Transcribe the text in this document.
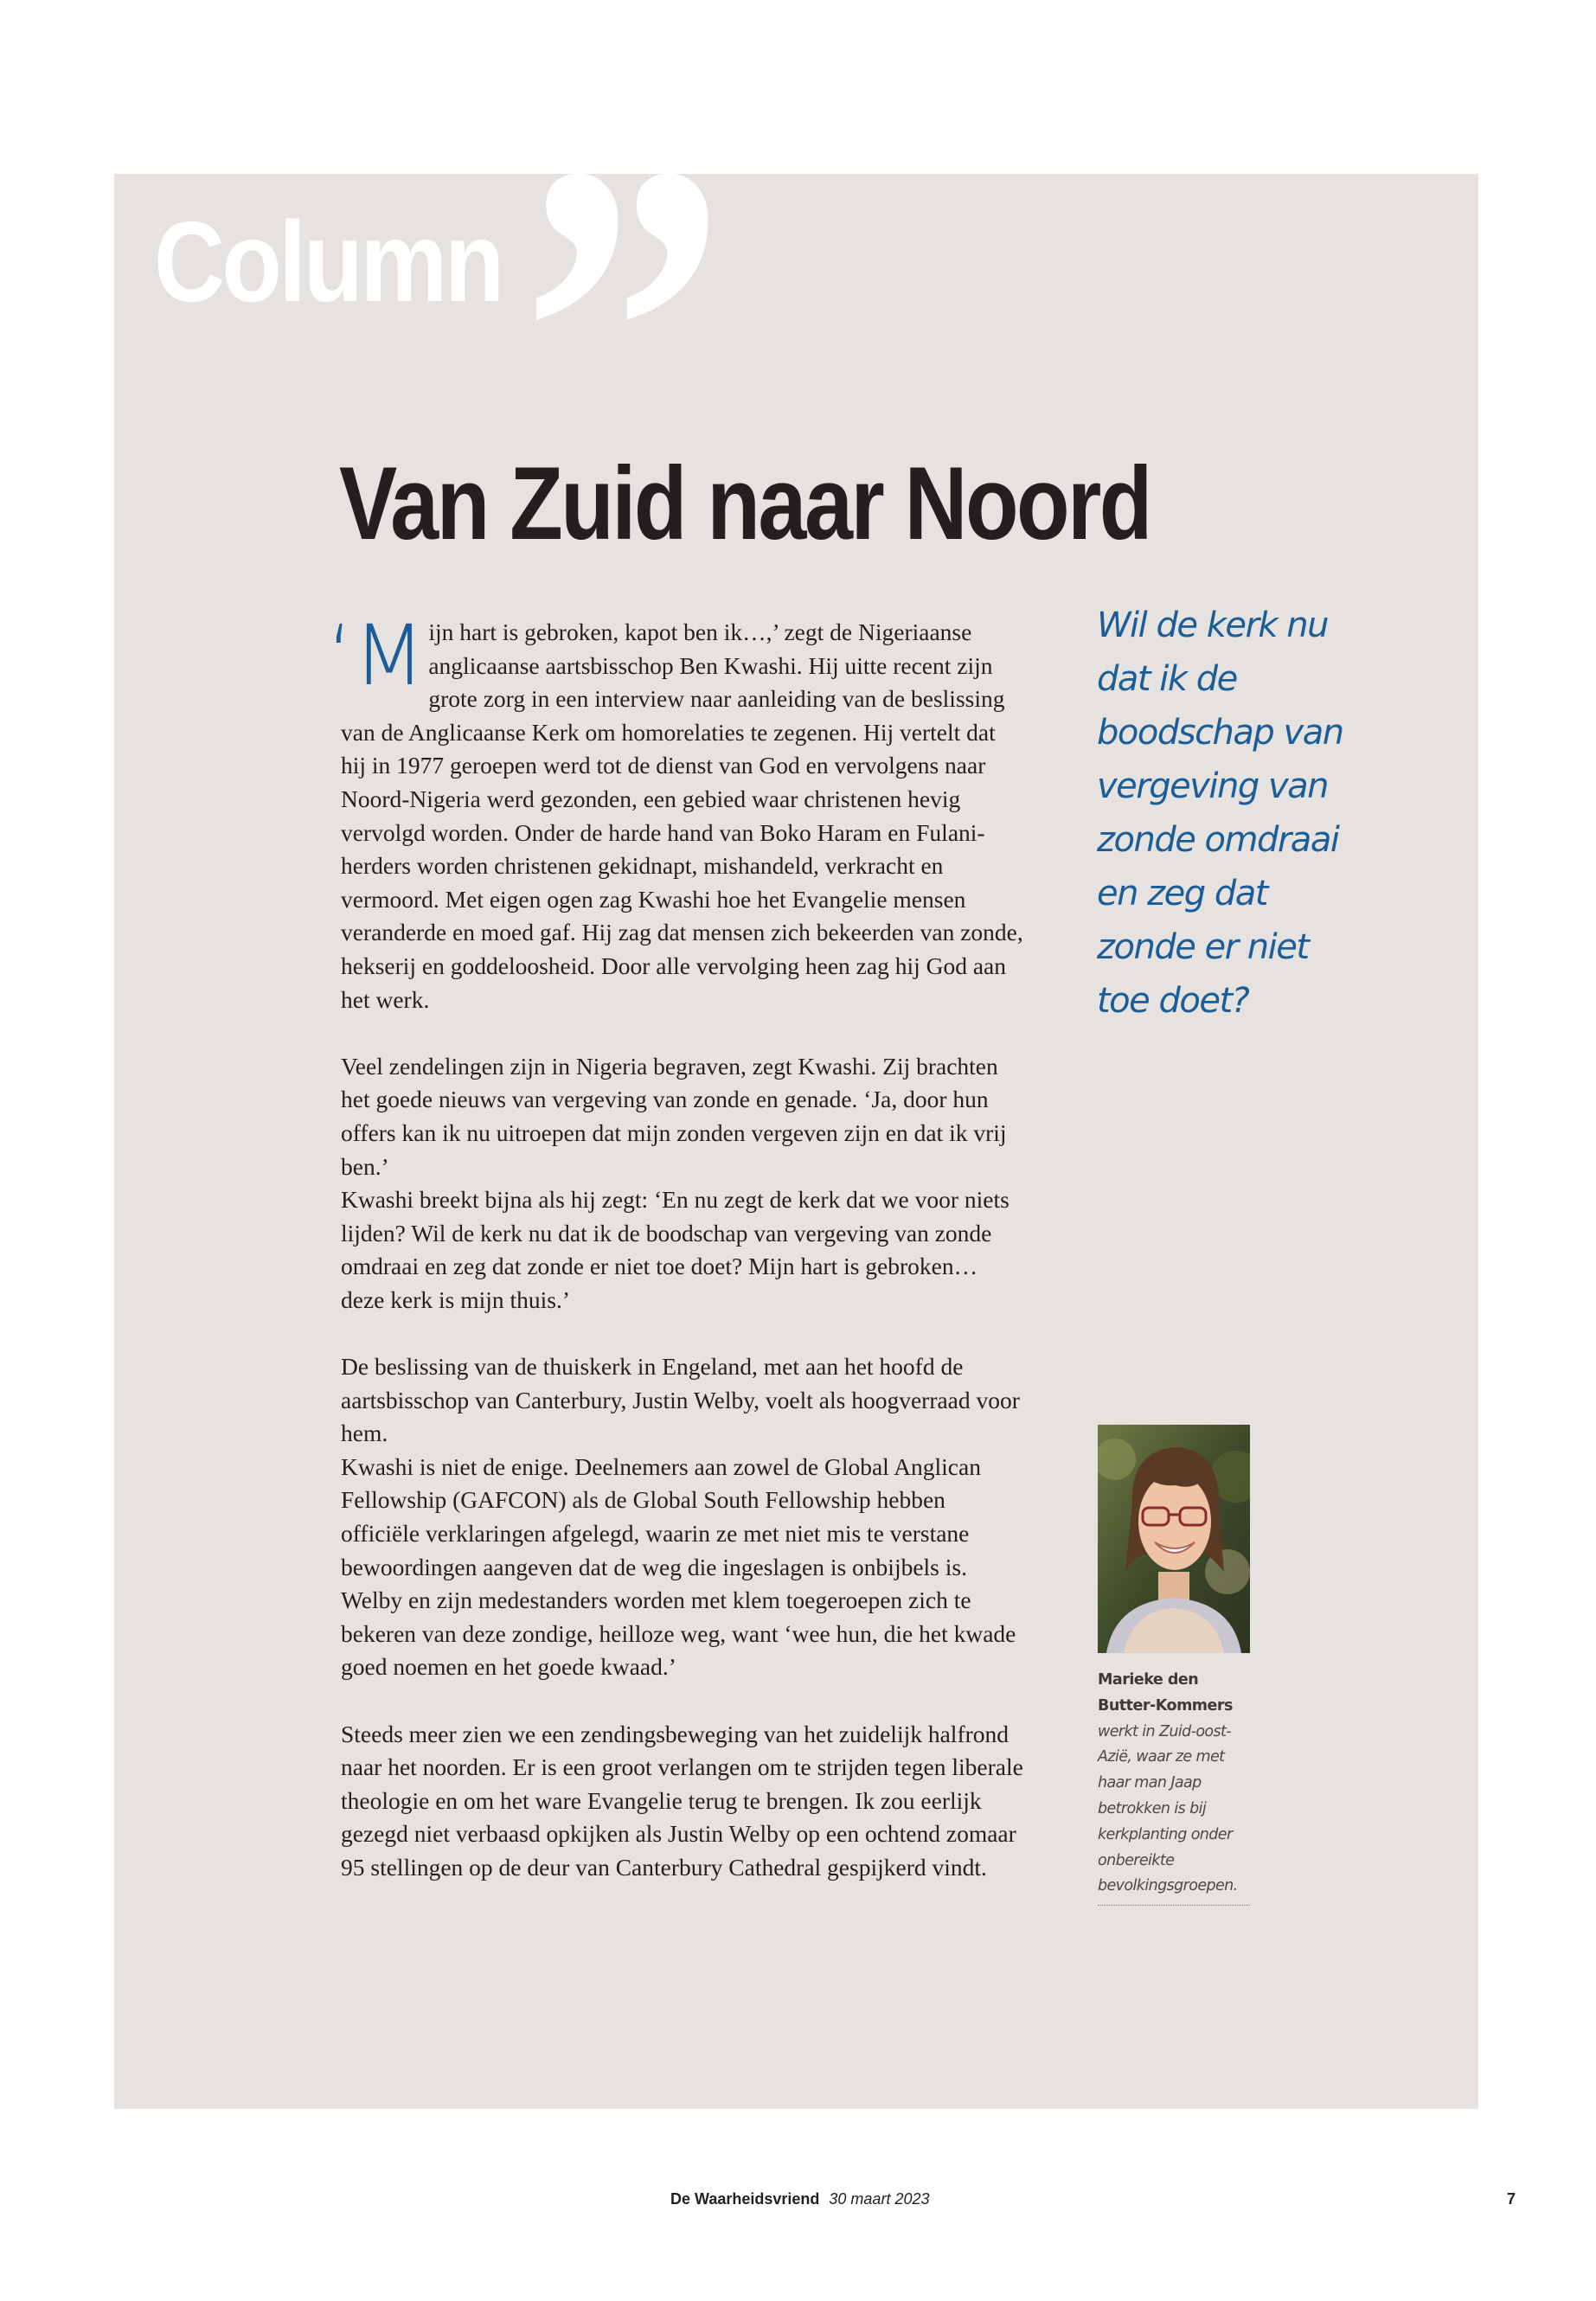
”
Column
Van Zuid naar Noord

‘M ijn hart is gebroken, kapot ben ik…,’ zegt de Nigeriaanse anglicaanse aartsbisschop Ben Kwashi. Hij uitte recent zijn grote zorg in een interview naar aanleiding van de beslissing van de Anglicaanse Kerk om homorelaties te zegenen. Hij vertelt dat hij in 1977 geroepen werd tot de dienst van God en vervolgens naar Noord-Nigeria werd gezonden, een gebied waar christenen hevig vervolgd worden. Onder de harde hand van Boko Haram en Fulani-herders worden christenen gekidnapt, mishandeld, verkracht en vermoord. Met eigen ogen zag Kwashi hoe het Evangelie mensen veranderde en moed gaf. Hij zag dat mensen zich bekeerden van zonde, hekserij en goddeloosheid. Door alle vervolging heen zag hij God aan het werk.

Veel zendelingen zijn in Nigeria begraven, zegt Kwashi. Zij brachten het goede nieuws van vergeving van zonde en genade. ‘Ja, door hun offers kan ik nu uitroepen dat mijn zonden vergeven zijn en dat ik vrij ben.’
Kwashi breekt bijna als hij zegt: ‘En nu zegt de kerk dat we voor niets lijden? Wil de kerk nu dat ik de boodschap van vergeving van zonde omdraai en zeg dat zonde er niet toe doet? Mijn hart is gebroken… deze kerk is mijn thuis.’

De beslissing van de thuiskerk in Engeland, met aan het hoofd de aartsbisschop van Canterbury, Justin Welby, voelt als hoogverraad voor hem.
Kwashi is niet de enige. Deelnemers aan zowel de Global Anglican Fellowship (GAFCON) als de Global South Fellowship hebben officiële verklaringen afgelegd, waarin ze met niet mis te verstane bewoordingen aangeven dat de weg die ingeslagen is onbijbels is. Welby en zijn medestanders worden met klem toegeroepen zich te bekeren van deze zondige, heilloze weg, want ‘wee hun, die het kwade goed noemen en het goede kwaad.’

Steeds meer zien we een zendingsbeweging van het zuidelijk halfrond naar het noorden. Er is een groot verlangen om te strijden tegen liberale theologie en om het ware Evangelie terug te brengen. Ik zou eerlijk gezegd niet verbaasd opkijken als Justin Welby op een ochtend zomaar 95 stellingen op de deur van Canterbury Cathedral gespijkerd vindt.

Wil de kerk nu dat ik de boodschap van vergeving van zonde omdraai en zeg dat zonde er niet toe doet?
Marieke den Butter-Kommers
werkt in Zuid-oost-Azië, waar ze met haar man Jaap betrokken is bij kerkplanting onder onbereikte bevolkingsgroepen.
De Waarheidsvriend 30 maart 2023	7
